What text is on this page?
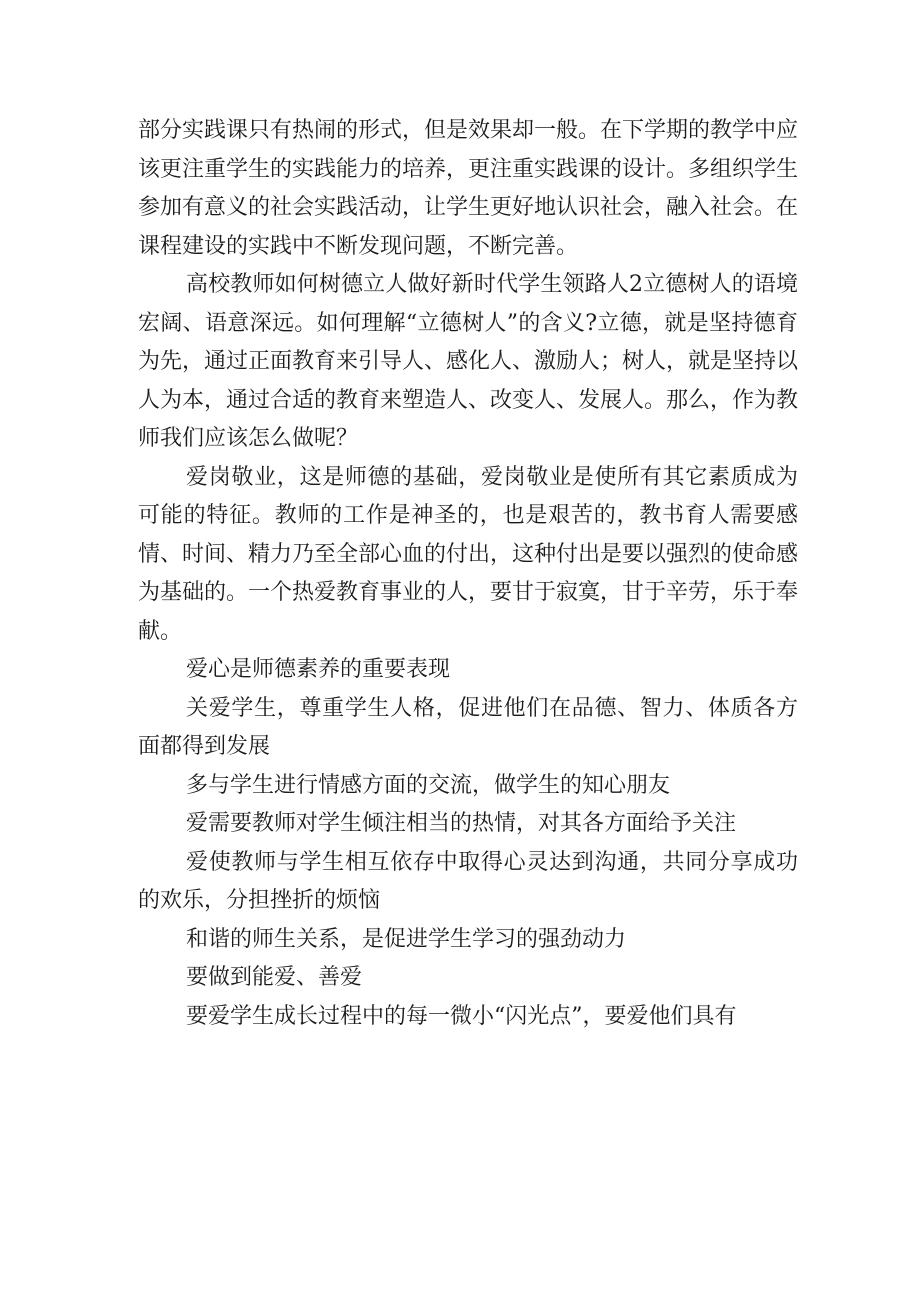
部分实践课只有热闹的形式，但是效果却一般。在下学期的教学中应该更注重学生的实践能力的培养，更注重实践课的设计。多组织学生参加有意义的社会实践活动，让学生更好地认识社会，融入社会。在课程建设的实践中不断发现问题，不断完善。

高校教师如何树德立人做好新时代学生领路人2立德树人的语境宏阔、语意深远。如何理解“立德树人”的含义?立德，就是坚持德育为先，通过正面教育来引导人、感化人、激励人；树人，就是坚持以人为本，通过合适的教育来塑造人、改变人、发展人。那么，作为教师我们应该怎么做呢？

爱岗敬业，这是师德的基础，爱岗敬业是使所有其它素质成为可能的特征。教师的工作是神圣的，也是艰苦的，教书育人需要感情、时间、精力乃至全部心血的付出，这种付出是要以强烈的使命感为基础的。一个热爱教育事业的人，要甘于寂寞，甘于辛劳，乐于奉献。

爱心是师德素养的重要表现

关爱学生，尊重学生人格，促进他们在品德、智力、体质各方面都得到发展

多与学生进行情感方面的交流，做学生的知心朋友

爱需要教师对学生倾注相当的热情，对其各方面给予关注

爱使教师与学生相互依存中取得心灵达到沟通，共同分享成功的欢乐，分担挫折的烦恼

和谐的师生关系，是促进学生学习的强劲动力

要做到能爱、善爱

要爱学生成长过程中的每一微小“闪光点”，要爱他们具有
